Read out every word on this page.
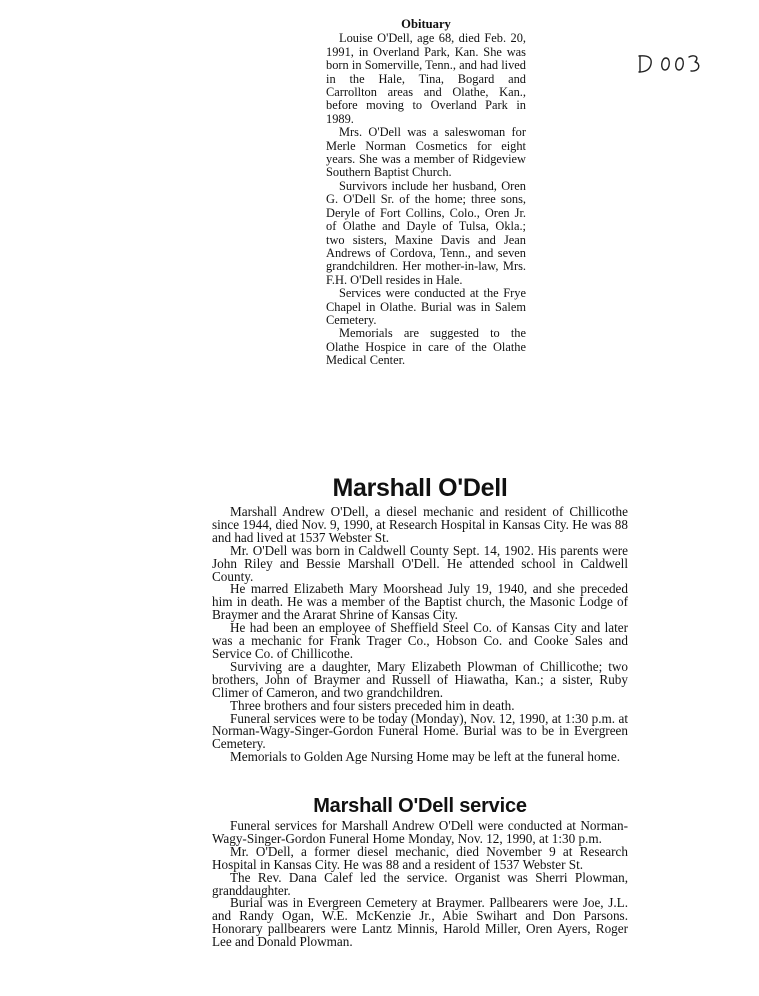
Obituary

Louise O'Dell, age 68, died Feb. 20, 1991, in Overland Park, Kan. She was born in Somerville, Tenn., and had lived in the Hale, Tina, Bogard and Carrollton areas and Olathe, Kan., before moving to Overland Park in 1989.

Mrs. O'Dell was a saleswoman for Merle Norman Cosmetics for eight years. She was a member of Ridgeview Southern Baptist Church.

Survivors include her husband, Oren G. O'Dell Sr. of the home; three sons, Deryle of Fort Collins, Colo., Oren Jr. of Olathe and Dayle of Tulsa, Okla.; two sisters, Maxine Davis and Jean Andrews of Cordova, Tenn., and seven grandchildren. Her mother-in-law, Mrs. F.H. O'Dell resides in Hale.

Services were conducted at the Frye Chapel in Olathe. Burial was in Salem Cemetery.

Memorials are suggested to the Olathe Hospice in care of the Olathe Medical Center.

Marshall O'Dell

Marshall Andrew O'Dell, a diesel mechanic and resident of Chillicothe since 1944, died Nov. 9, 1990, at Research Hospital in Kansas City. He was 88 and had lived at 1537 Webster St.

Mr. O'Dell was born in Caldwell County Sept. 14, 1902. His parents were John Riley and Bessie Marshall O'Dell. He attended school in Caldwell County.

He marred Elizabeth Mary Moorshead July 19, 1940, and she preceded him in death. He was a member of the Baptist church, the Masonic Lodge of Braymer and the Ararat Shrine of Kansas City.

He had been an employee of Sheffield Steel Co. of Kansas City and later was a mechanic for Frank Trager Co., Hobson Co. and Cooke Sales and Service Co. of Chillicothe.

Surviving are a daughter, Mary Elizabeth Plowman of Chillicothe; two brothers, John of Braymer and Russell of Hiawatha, Kan.; a sister, Ruby Climer of Cameron, and two grandchildren.

Three brothers and four sisters preceded him in death.

Funeral services were to be today (Monday), Nov. 12, 1990, at 1:30 p.m. at Norman-Wagy-Singer-Gordon Funeral Home. Burial was to be in Evergreen Cemetery.

Memorials to Golden Age Nursing Home may be left at the funeral home.

Marshall O'Dell service

Funeral services for Marshall Andrew O'Dell were conducted at Norman-Wagy-Singer-Gordon Funeral Home Monday, Nov. 12, 1990, at 1:30 p.m.

Mr. O'Dell, a former diesel mechanic, died November 9 at Research Hospital in Kansas City. He was 88 and a resident of 1537 Webster St.

The Rev. Dana Calef led the service. Organist was Sherri Plowman, granddaughter.

Burial was in Evergreen Cemetery at Braymer. Pallbearers were Joe, J.L. and Randy Ogan, W.E. McKenzie Jr., Abie Swihart and Don Parsons. Honorary pallbearers were Lantz Minnis, Harold Miller, Oren Ayers, Roger Lee and Donald Plowman.
